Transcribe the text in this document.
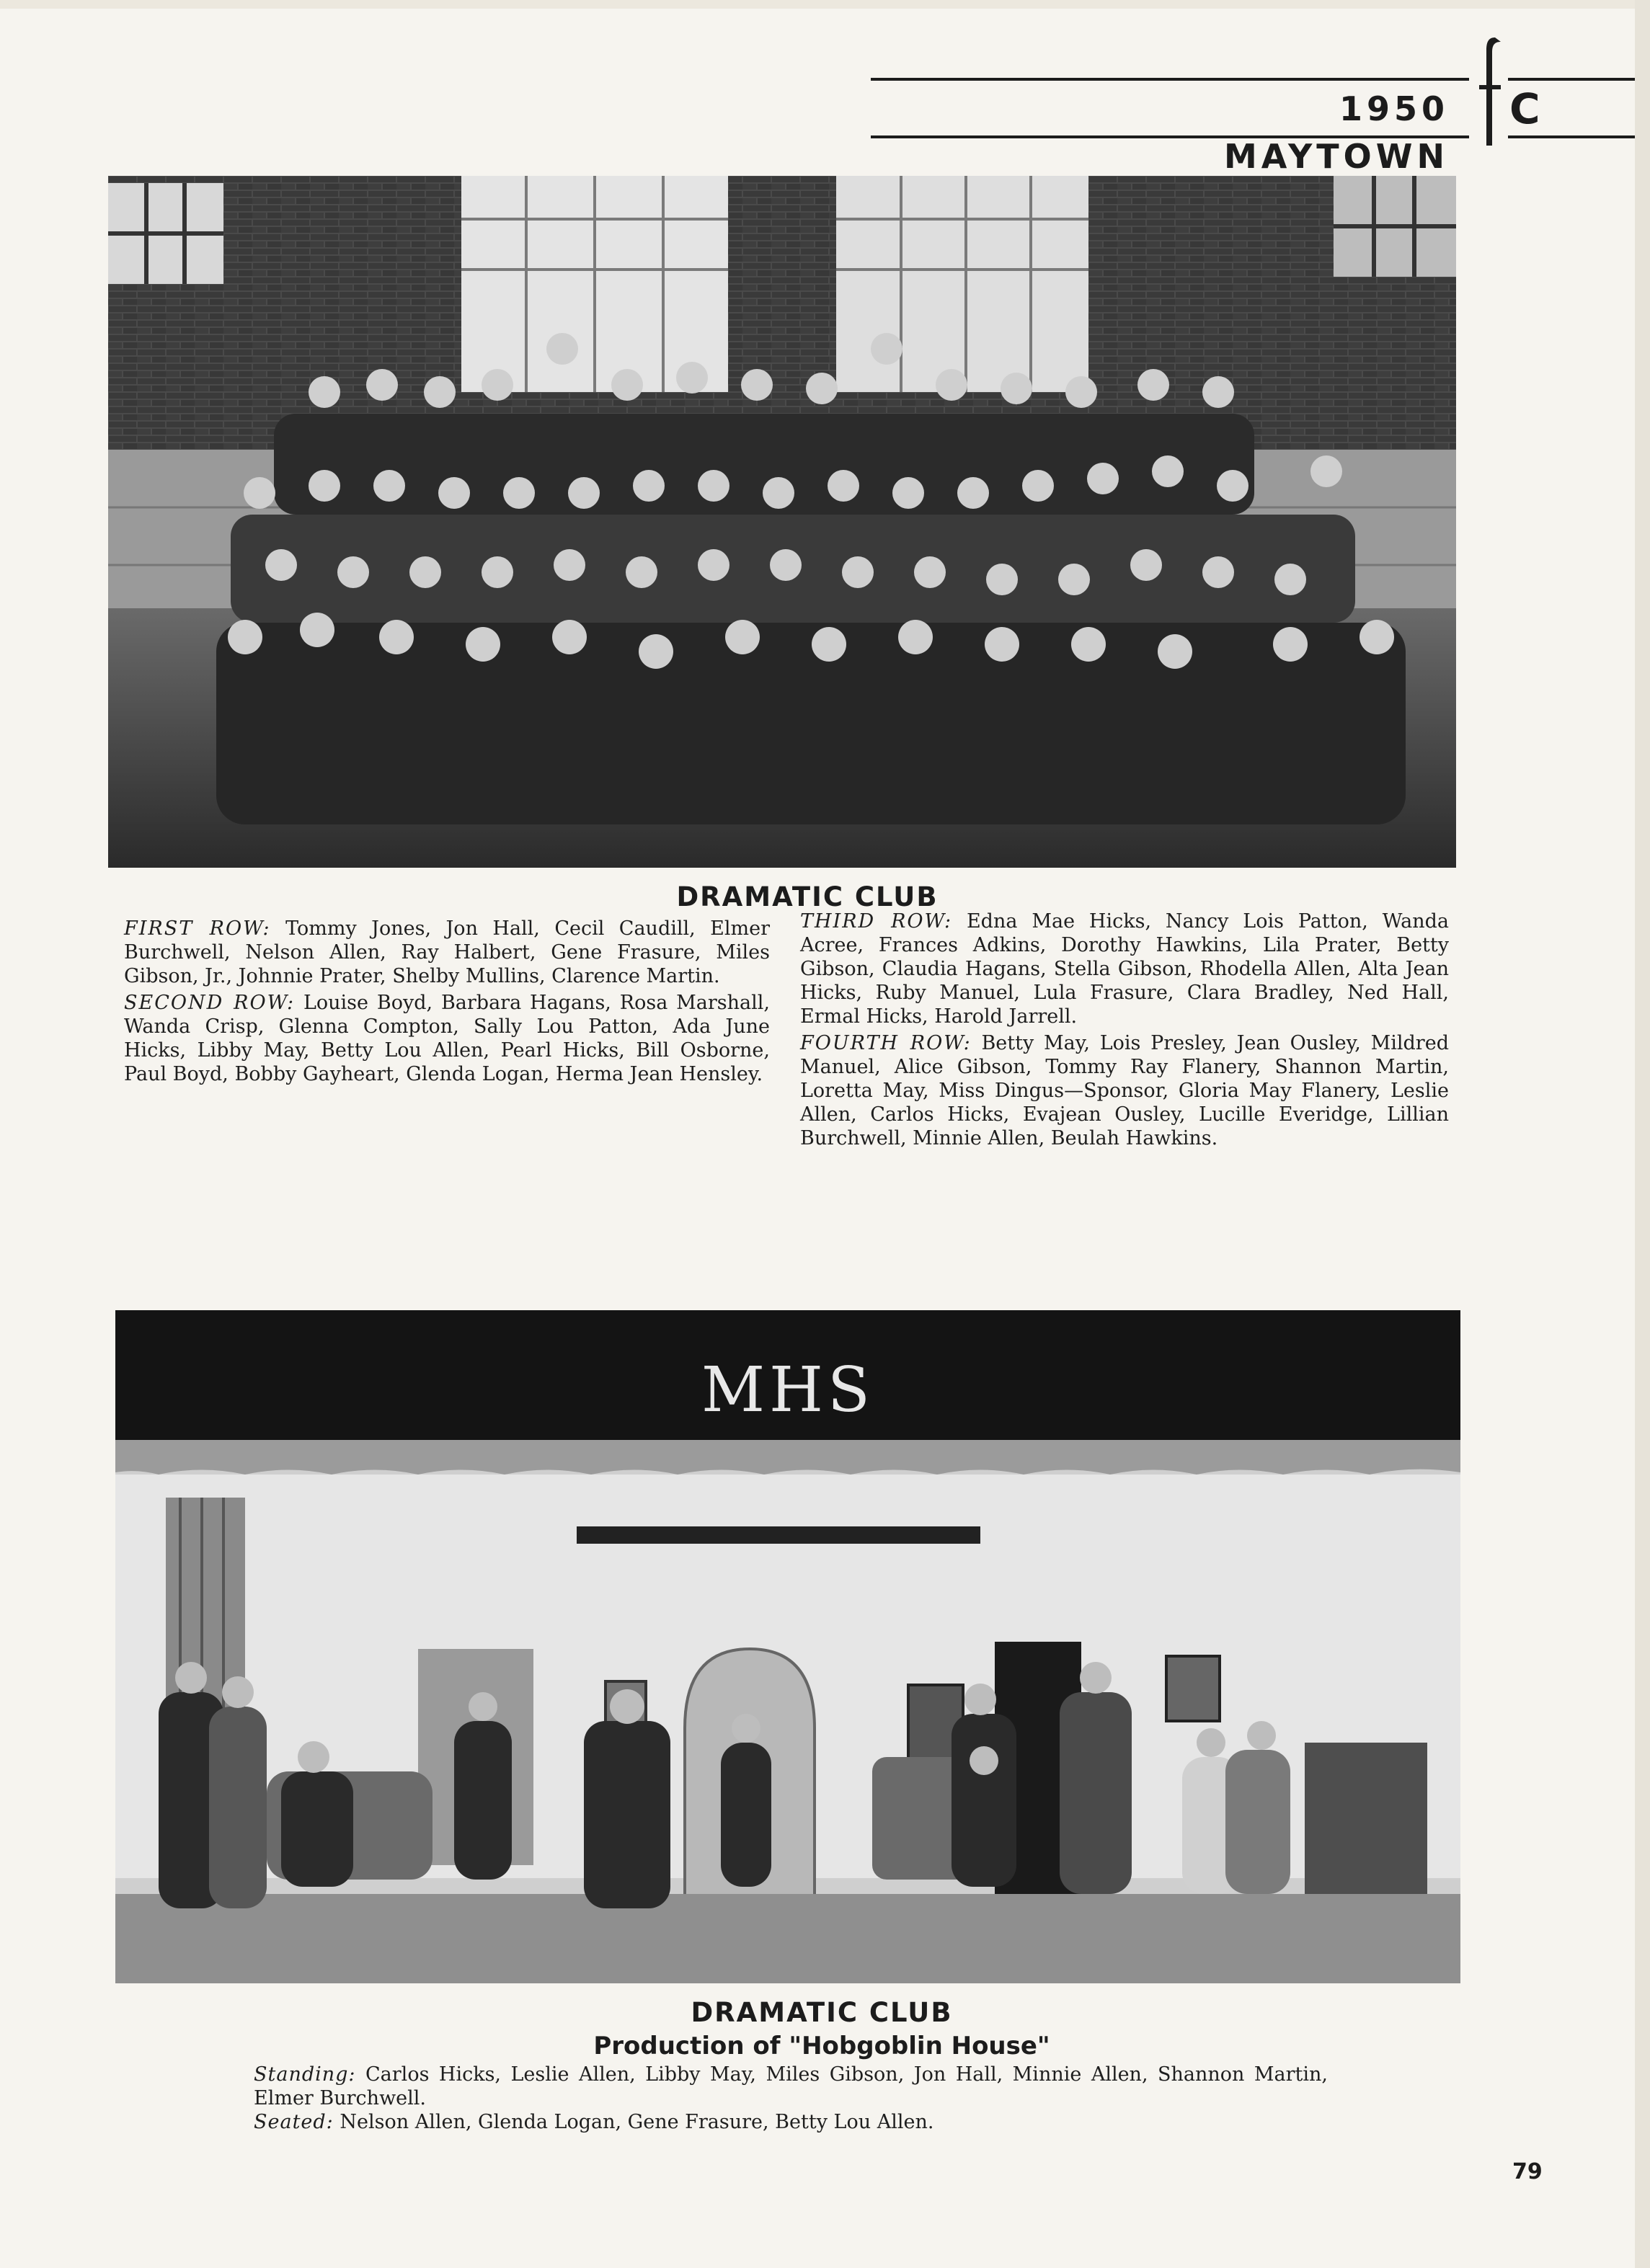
1950 MAYTOWN
C
DRAMATIC CLUB

FIRST ROW: Tommy Jones, Jon Hall, Cecil Caudill, Elmer Burchwell, Nelson Allen, Ray Halbert, Gene Frasure, Miles Gibson, Jr., Johnnie Prater, Shelby Mullins, Clarence Martin.

SECOND ROW: Louise Boyd, Barbara Hagans, Rosa Marshall, Wanda Crisp, Glenna Compton, Sally Lou Patton, Ada June Hicks, Libby May, Betty Lou Allen, Pearl Hicks, Bill Osborne, Paul Boyd, Bobby Gayheart, Glenda Logan, Herma Jean Hensley.

THIRD ROW: Edna Mae Hicks, Nancy Lois Patton, Wanda Acree, Frances Adkins, Dorothy Hawkins, Lila Prater, Betty Gibson, Claudia Hagans, Stella Gibson, Rhodella Allen, Alta Jean Hicks, Ruby Manuel, Lula Frasure, Clara Bradley, Ned Hall, Ermal Hicks, Harold Jarrell.

FOURTH ROW: Betty May, Lois Presley, Jean Ousley, Mildred Manuel, Alice Gibson, Tommy Ray Flanery, Shannon Martin, Loretta May, Miss Dingus—Sponsor, Gloria May Flanery, Leslie Allen, Carlos Hicks, Evajean Ousley, Lucille Everidge, Lillian Burchwell, Minnie Allen, Beulah Hawkins.

MHS
DRAMATIC CLUB
Production of "Hobgoblin House"

Standing: Carlos Hicks, Leslie Allen, Libby May, Miles Gibson, Jon Hall, Minnie Allen, Shannon Martin, Elmer Burchwell.

Seated: Nelson Allen, Glenda Logan, Gene Frasure, Betty Lou Allen.

79
